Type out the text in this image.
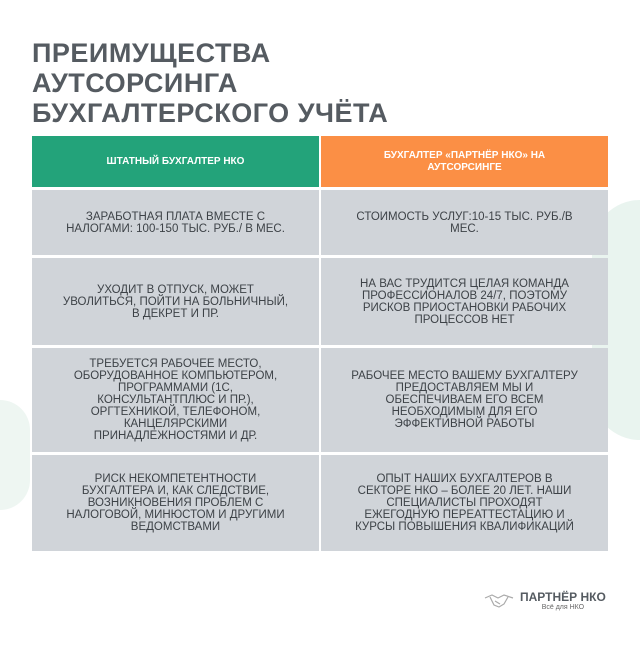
ПРЕИМУЩЕСТВА АУТСОРСИНГА БУХГАЛТЕРСКОГО УЧЁТА
ШТАТНЫЙ БУХГАЛТЕР НКО
БУХГАЛТЕР «ПАРТНЁР НКО» НА АУТСОРСИНГЕ
ЗАРАБОТНАЯ ПЛАТА ВМЕСТЕ С НАЛОГАМИ: 100-150 ТЫС. РУБ./ В МЕС.
СТОИМОСТЬ УСЛУГ:10-15 ТЫС. РУБ./В МЕС.
УХОДИТ В ОТПУСК, МОЖЕТ УВОЛИТЬСЯ, ПОЙТИ НА БОЛЬНИЧНЫЙ, В ДЕКРЕТ И ПР.
НА ВАС ТРУДИТСЯ ЦЕЛАЯ КОМАНДА ПРОФЕССИОНАЛОВ 24/7, ПОЭТОМУ РИСКОВ ПРИОСТАНОВКИ РАБОЧИХ ПРОЦЕССОВ НЕТ
ТРЕБУЕТСЯ РАБОЧЕЕ МЕСТО, ОБОРУДОВАННОЕ КОМПЬЮТЕРОМ, ПРОГРАММАМИ (1С, КОНСУЛЬТАНТПЛЮС И ПР.), ОРГТЕХНИКОЙ, ТЕЛЕФОНОМ, КАНЦЕЛЯРСКИМИ ПРИНАДЛЕЖНОСТЯМИ И ДР.
РАБОЧЕЕ МЕСТО ВАШЕМУ БУХГАЛТЕРУ ПРЕДОСТАВЛЯЕМ МЫ И ОБЕСПЕЧИВАЕМ ЕГО ВСЕМ НЕОБХОДИМЫМ ДЛЯ ЕГО ЭФФЕКТИВНОЙ РАБОТЫ
РИСК НЕКОМПЕТЕНТНОСТИ БУХГАЛТЕРА И, КАК СЛЕДСТВИЕ, ВОЗНИКНОВЕНИЯ ПРОБЛЕМ С НАЛОГОВОЙ, МИНЮСТОМ И ДРУГИМИ ВЕДОМСТВАМИ
ОПЫТ НАШИХ БУХГАЛТЕРОВ В СЕКТОРЕ НКО – БОЛЕЕ 20 ЛЕТ. НАШИ СПЕЦИАЛИСТЫ ПРОХОДЯТ ЕЖЕГОДНУЮ ПЕРЕАТТЕСТАЦИЮ И КУРСЫ ПОВЫШЕНИЯ КВАЛИФИКАЦИЙ
ПАРТНЁР НКО
Всё для НКО
